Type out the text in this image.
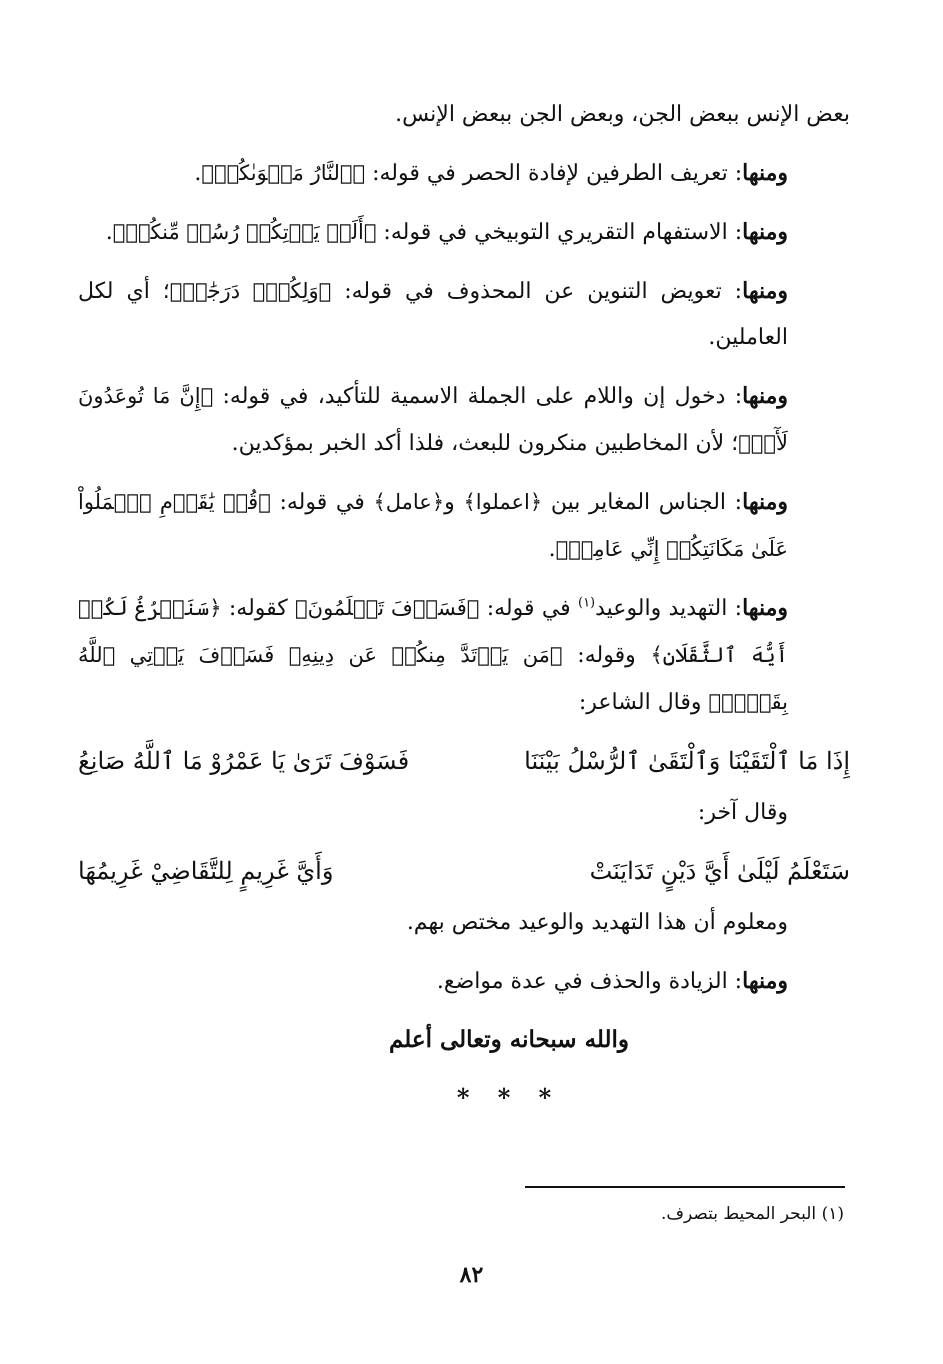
بعض الإنس ببعض الجن، وبعض الجن ببعض الإنس.
ومنها: تعريف الطرفين لإفادة الحصر في قوله: ﴿ٱلنَّارُ مَثۡوَىٰكُمۡ﴾.
ومنها: الاستفهام التقريري التوبيخي في قوله: ﴿أَلَمۡ يَأۡتِكُمۡ رُسُلٞ مِّنكُمۡ﴾.
ومنها: تعويض التنوين عن المحذوف في قوله: ﴿وَلِكُلّٖ دَرَجَٰتٞ﴾؛ أي لكل العاملين.
ومنها: دخول إن واللام على الجملة الاسمية للتأكيد، في قوله: ﴿إِنَّ مَا تُوعَدُونَ لَأٓتٖ﴾؛ لأن المخاطبين منكرون للبعث، فلذا أكد الخبر بمؤكدين.
ومنها: الجناس المغاير بين ﴿اعملوا﴾ و﴿عامل﴾ في قوله: ﴿قُلۡ يَٰقَوۡمِ ٱعۡمَلُواْ عَلَىٰ مَكَانَتِكُمۡ إِنِّي عَامِلٞ﴾.
ومنها: التهديد والوعيد$^{(١)}$ في قوله: ﴿فَسَوۡفَ تَعۡلَمُونَ﴾ كقوله: ﴿سَنَفۡرُغُ لَكُمۡ أَيُّهَ ٱلثَّقَلَانِ﴾ وقوله: ﴿مَن يَرۡتَدَّ مِنكُمۡ عَن دِينِهِۦ فَسَوۡفَ يَأۡتِي ٱللَّهُ بِقَوۡمٖ﴾ وقال الشاعر:
إِذَا مَا ٱلْتَقَيْنَا وَٱلْتَقَىٰ ٱلرُّسْلُ بَيْنَنَا
فَسَوْفَ تَرَىٰ يَا عَمْرُوْ مَا ٱللَّهُ صَانِعُ
وقال آخر:
سَتَعْلَمُ لَيْلَىٰ أَيَّ دَيْنٍ تَدَايَنَتْ
وَأَيَّ غَرِيمٍ لِلتَّقَاضِيْ غَرِيمُهَا
ومعلوم أن هذا التهديد والوعيد مختص بهم.
ومنها: الزيادة والحذف في عدة مواضع.
والله سبحانه وتعالى أعلم
* * *
(١) البحر المحيط بتصرف.
٨٢
